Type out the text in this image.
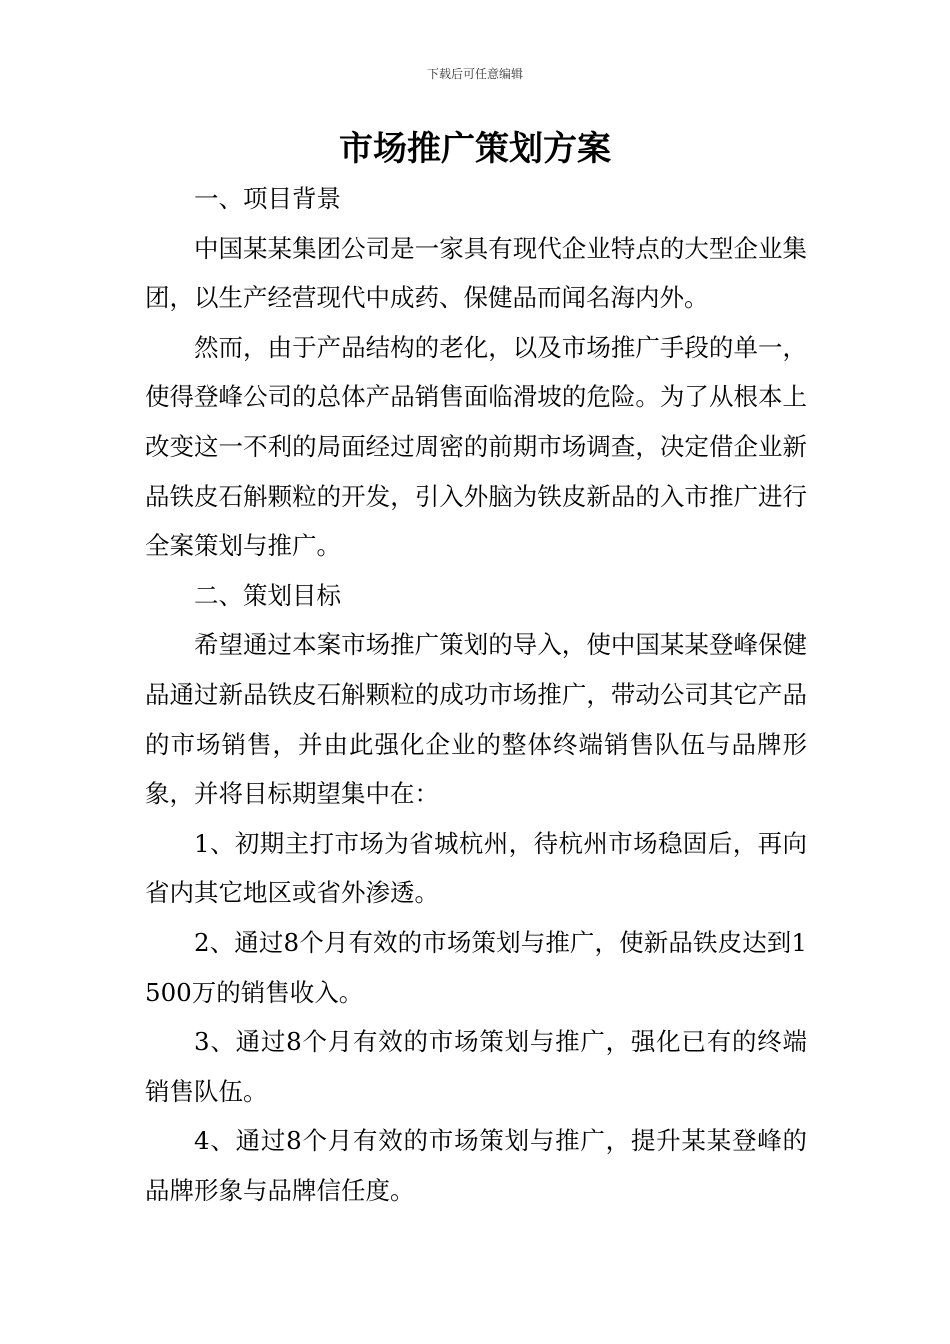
下载后可任意编辑
市场推广策划方案

一、项目背景

中国某某集团公司是一家具有现代企业特点的大型企业集团，以生产经营现代中成药、保健品而闻名海内外。

然而，由于产品结构的老化，以及市场推广手段的单一，使得登峰公司的总体产品销售面临滑坡的危险。为了从根本上改变这一不利的局面经过周密的前期市场调查，决定借企业新品铁皮石斛颗粒的开发，引入外脑为铁皮新品的入市推广进行全案策划与推广。

二、策划目标

希望通过本案市场推广策划的导入，使中国某某登峰保健品通过新品铁皮石斛颗粒的成功市场推广，带动公司其它产品的市场销售，并由此强化企业的整体终端销售队伍与品牌形象，并将目标期望集中在：

1、初期主打市场为省城杭州，待杭州市场稳固后，再向省内其它地区或省外渗透。

2、通过8个月有效的市场策划与推广，使新品铁皮达到1500万的销售收入。

3、通过8个月有效的市场策划与推广，强化已有的终端销售队伍。

4、通过8个月有效的市场策划与推广，提升某某登峰的品牌形象与品牌信任度。
